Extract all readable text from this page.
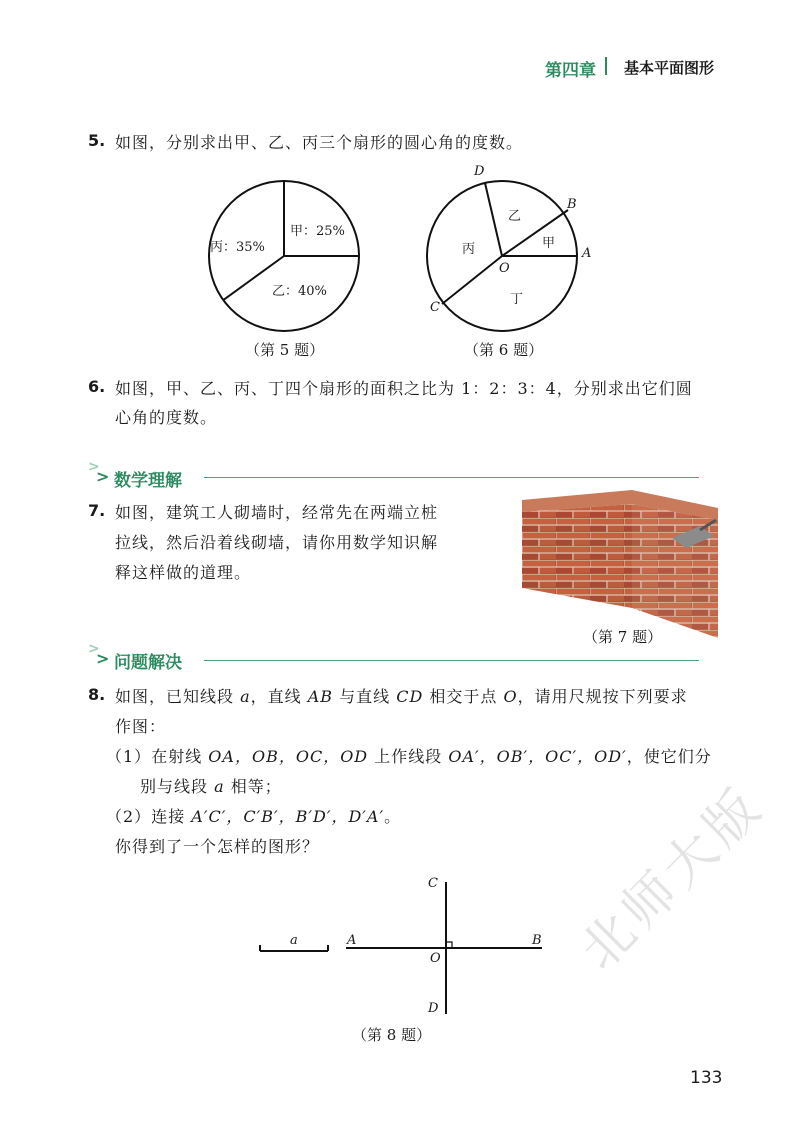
第四章 基本平面图形
5. 如图，分别求出甲、乙、丙三个扇形的圆心角的度数。
甲：25%
乙：40%
丙：35%
（第 5 题）
A
B
C
D
O
甲
乙
丙
丁
（第 6 题）
6. 如图，甲、乙、丙、丁四个扇形的面积之比为 1：2：3：4，分别求出它们圆
心角的度数。
>
> 数学理解
7. 如图，建筑工人砌墙时，经常先在两端立桩
拉线，然后沿着线砌墙，请你用数学知识解
释这样做的道理。
（第 7 题）
>
> 问题解决
8. 如图，已知线段 a，直线 AB 与直线 CD 相交于点 O，请用尺规按下列要求
作图：
（1）在射线 OA，OB，OC，OD 上作线段 OA′，OB′，OC′，OD′，使它们分
别与线段 a 相等；
（2）连接 A′C′，C′B′，B′D′，D′A′。
你得到了一个怎样的图形？
a	A	B
C
D
O
（第 8 题）
北师大版
133
